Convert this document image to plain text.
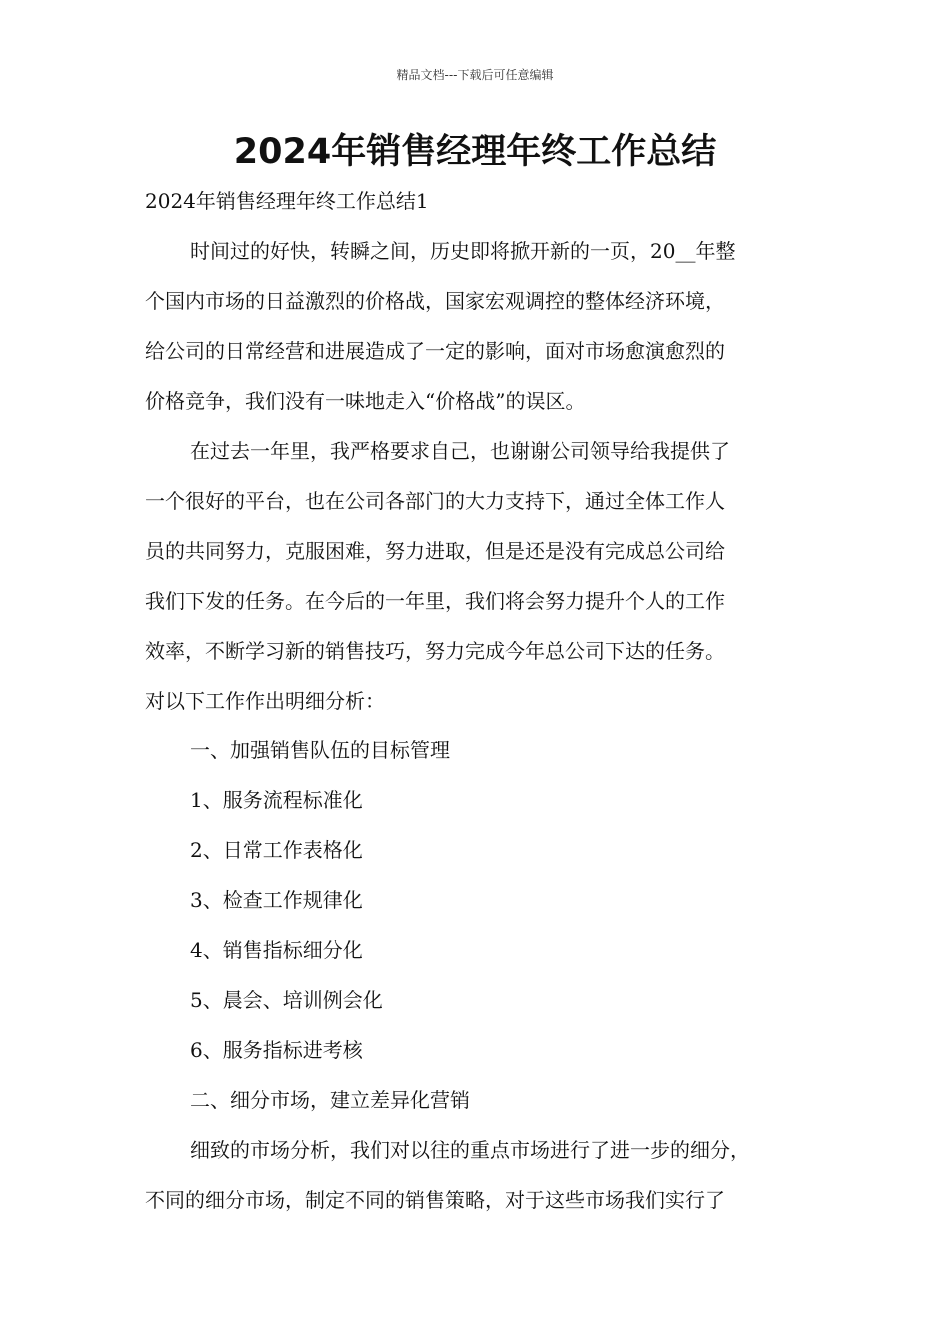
精品文档---下载后可任意编辑
2024年销售经理年终工作总结

2024年销售经理年终工作总结1

时间过的好快，转瞬之间，历史即将掀开新的一页，20__年整

个国内市场的日益激烈的价格战，国家宏观调控的整体经济环境，

给公司的日常经营和进展造成了一定的影响，面对市场愈演愈烈的

价格竞争，我们没有一味地走入“价格战”的误区。

在过去一年里，我严格要求自己，也谢谢公司领导给我提供了

一个很好的平台，也在公司各部门的大力支持下，通过全体工作人

员的共同努力，克服困难，努力进取，但是还是没有完成总公司给

我们下发的任务。在今后的一年里，我们将会努力提升个人的工作

效率，不断学习新的销售技巧，努力完成今年总公司下达的任务。

对以下工作作出明细分析：

一、加强销售队伍的目标管理

1、服务流程标准化

2、日常工作表格化

3、检查工作规律化

4、销售指标细分化

5、晨会、培训例会化

6、服务指标进考核

二、细分市场，建立差异化营销

细致的市场分析，我们对以往的重点市场进行了进一步的细分，

不同的细分市场，制定不同的销售策略，对于这些市场我们实行了
